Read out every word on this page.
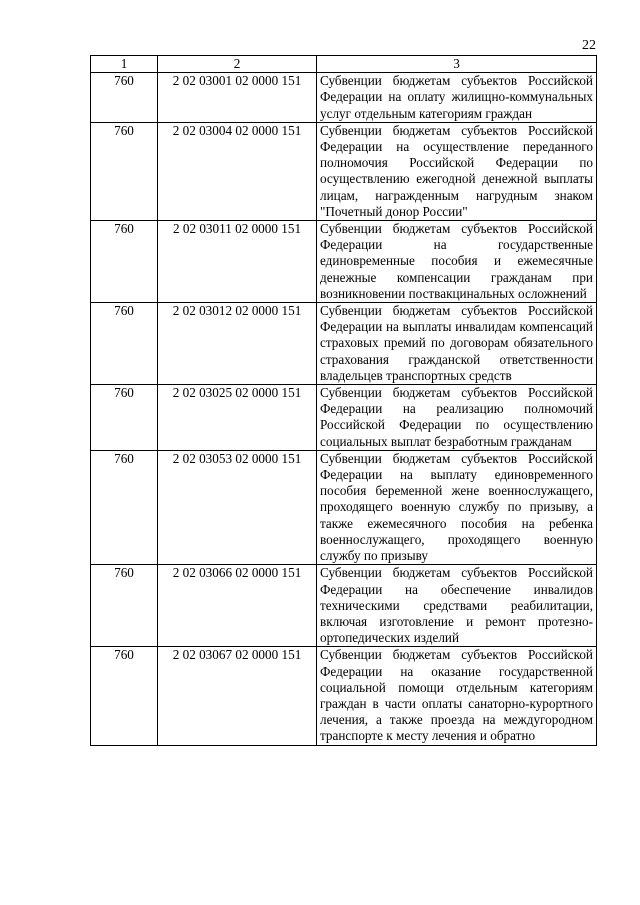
22
1	2	3
760	2 02 03001 02 0000 151	Субвенции бюджетам субъектов Российской Федерации на оплату жилищно-коммунальных услуг отдельным категориям граждан
760	2 02 03004 02 0000 151	Субвенции бюджетам субъектов Российской Федерации на осуществление переданного полномочия Российской Федерации по осуществлению ежегодной денежной выплаты лицам, награжденным нагрудным знаком "Почетный донор России"
760	2 02 03011 02 0000 151	Субвенции бюджетам субъектов Российской Федерации на государственные единовременные пособия и ежемесячные денежные компенсации гражданам при возникновении поствакцинальных осложнений
760	2 02 03012 02 0000 151	Субвенции бюджетам субъектов Российской Федерации на выплаты инвалидам компенсаций страховых премий по договорам обязательного страхования гражданской ответственности владельцев транспортных средств
760	2 02 03025 02 0000 151	Субвенции бюджетам субъектов Российской Федерации на реализацию полномочий Российской Федерации по осуществлению социальных выплат безработным гражданам
760	2 02 03053 02 0000 151	Субвенции бюджетам субъектов Российской Федерации на выплату единовременного пособия беременной жене военнослужащего, проходящего военную службу по призыву, а также ежемесячного пособия на ребенка военнослужащего, проходящего военную службу по призыву
760	2 02 03066 02 0000 151	Субвенции бюджетам субъектов Российской Федерации на обеспечение инвалидов техническими средствами реабилитации, включая изготовление и ремонт протезно-ортопедических изделий
760	2 02 03067 02 0000 151	Субвенции бюджетам субъектов Российской Федерации на оказание государственной социальной помощи отдельным категориям граждан в части оплаты санаторно-курортного лечения, а также проезда на междугородном транспорте к месту лечения и обратно
